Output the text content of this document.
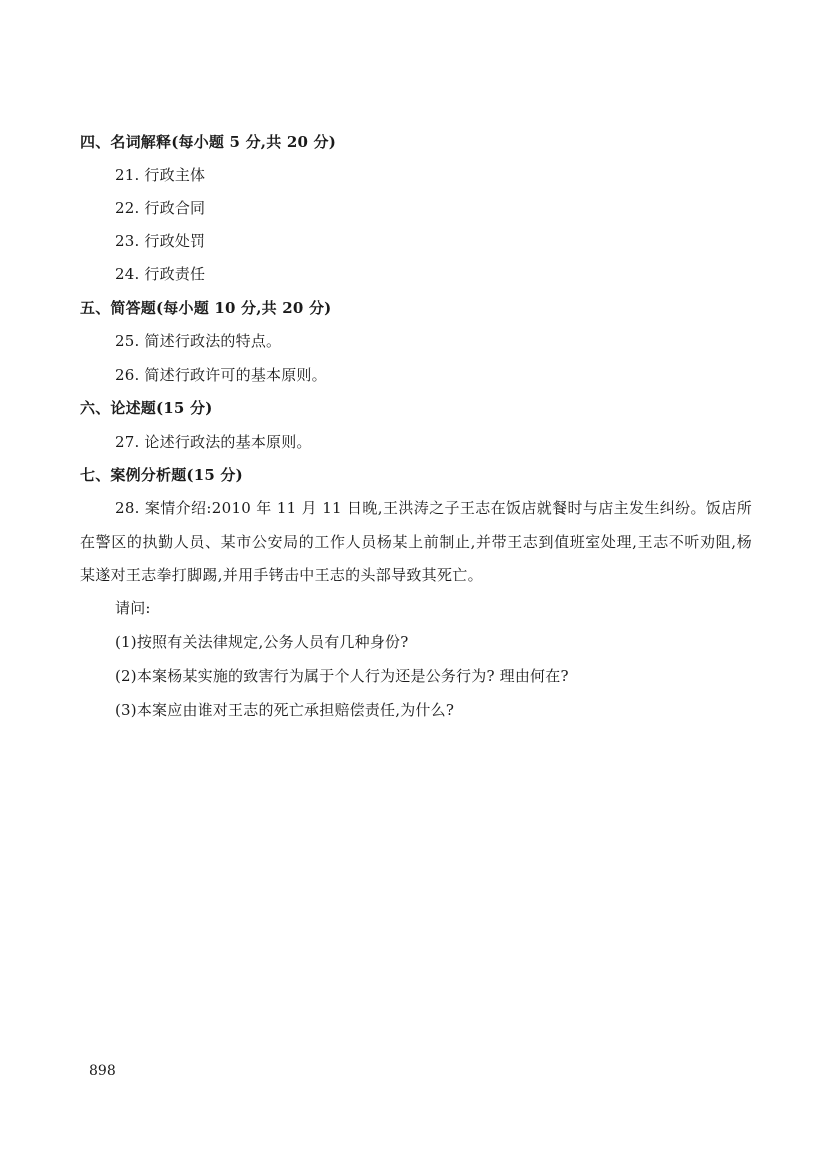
四、名词解释(每小题 5 分,共 20 分)
21. 行政主体
22. 行政合同
23. 行政处罚
24. 行政责任
五、简答题(每小题 10 分,共 20 分)
25. 简述行政法的特点。
26. 简述行政许可的基本原则。
六、论述题(15 分)
27. 论述行政法的基本原则。
七、案例分析题(15 分)
28. 案情介绍:2010 年 11 月 11 日晚,王洪涛之子王志在饭店就餐时与店主发生纠纷。饭店所在警区的执勤人员、某市公安局的工作人员杨某上前制止,并带王志到值班室处理,王志不听劝阻,杨某遂对王志拳打脚踢,并用手铐击中王志的头部导致其死亡。
请问:
(1)按照有关法律规定,公务人员有几种身份?
(2)本案杨某实施的致害行为属于个人行为还是公务行为? 理由何在?
(3)本案应由谁对王志的死亡承担赔偿责任,为什么?
898
